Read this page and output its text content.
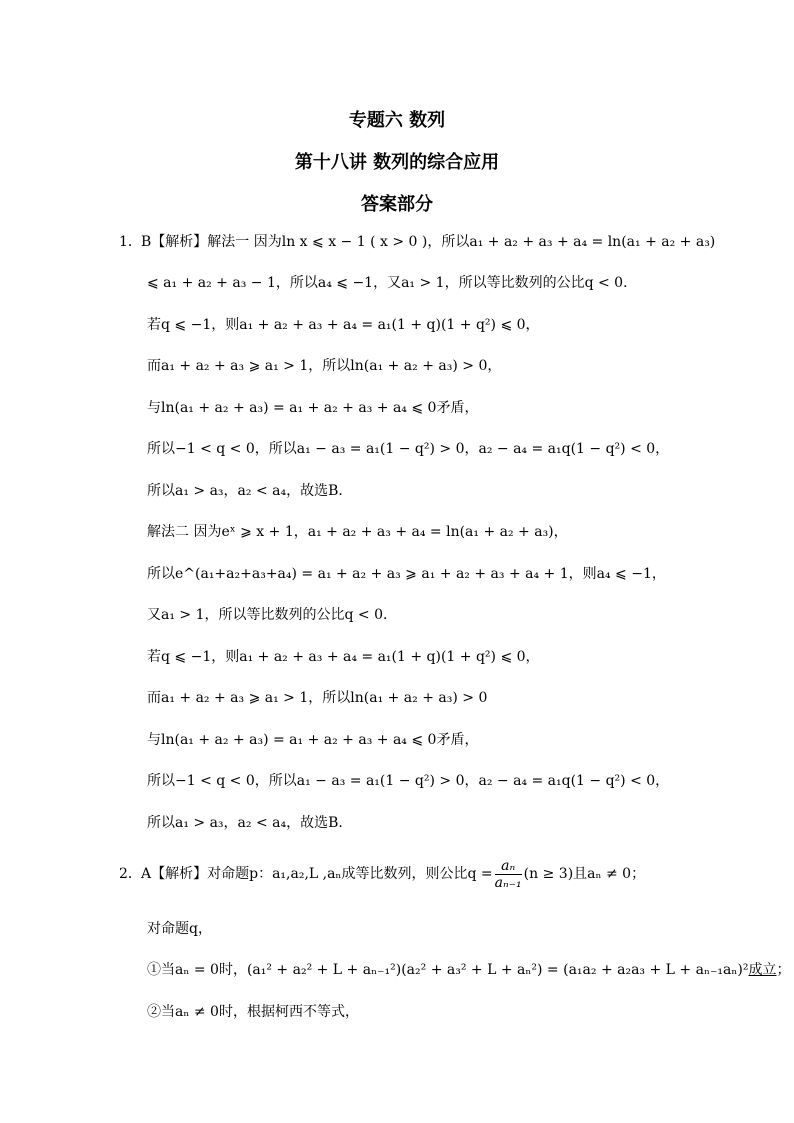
专题六 数列
第十八讲 数列的综合应用
答案部分
1． B【解析】解法一 因为ln x ⩽ x − 1 ( x > 0 )，所以a₁ + a₂ + a₃ + a₄ = ln(a₁ + a₂ + a₃)
⩽ a₁ + a₂ + a₃ − 1，所以a₄ ⩽ −1，又a₁ > 1，所以等比数列的公比q < 0．
若q ⩽ −1，则a₁ + a₂ + a₃ + a₄ = a₁(1 + q)(1 + q²) ⩽ 0，
而a₁ + a₂ + a₃ ⩾ a₁ > 1，所以ln(a₁ + a₂ + a₃) > 0，
与ln(a₁ + a₂ + a₃) = a₁ + a₂ + a₃ + a₄ ⩽ 0矛盾，
所以−1 < q < 0，所以a₁ − a₃ = a₁(1 − q²) > 0，a₂ − a₄ = a₁q(1 − q²) < 0，
所以a₁ > a₃，a₂ < a₄，故选B．
解法二 因为eˣ ⩾ x + 1，a₁ + a₂ + a₃ + a₄ = ln(a₁ + a₂ + a₃)，
所以e^(a₁+a₂+a₃+a₄) = a₁ + a₂ + a₃ ⩾ a₁ + a₂ + a₃ + a₄ + 1，则a₄ ⩽ −1，
又a₁ > 1，所以等比数列的公比q < 0．
若q ⩽ −1，则a₁ + a₂ + a₃ + a₄ = a₁(1 + q)(1 + q²) ⩽ 0，
而a₁ + a₂ + a₃ ⩾ a₁ > 1，所以ln(a₁ + a₂ + a₃) > 0
与ln(a₁ + a₂ + a₃) = a₁ + a₂ + a₃ + a₄ ⩽ 0矛盾，
所以−1 < q < 0，所以a₁ − a₃ = a₁(1 − q²) > 0，a₂ − a₄ = a₁q(1 − q²) < 0，
所以a₁ > a₃，a₂ < a₄，故选B．
2． A【解析】对命题p：a₁,a₂,L ,aₙ成等比数列，则公比$q = \frac{\text{aₙ}}{\text{aₙ₋₁}} (n \ge 3)$且aₙ ≠ 0；
对命题q，
①当aₙ = 0时，(a₁² + a₂² + L + aₙ₋₁²)(a₂² + a₃² + L + aₙ²) = (a₁a₂ + a₂a₃ + L + aₙ₋₁aₙ)²成立；
②当aₙ ≠ 0时，根据柯西不等式，
